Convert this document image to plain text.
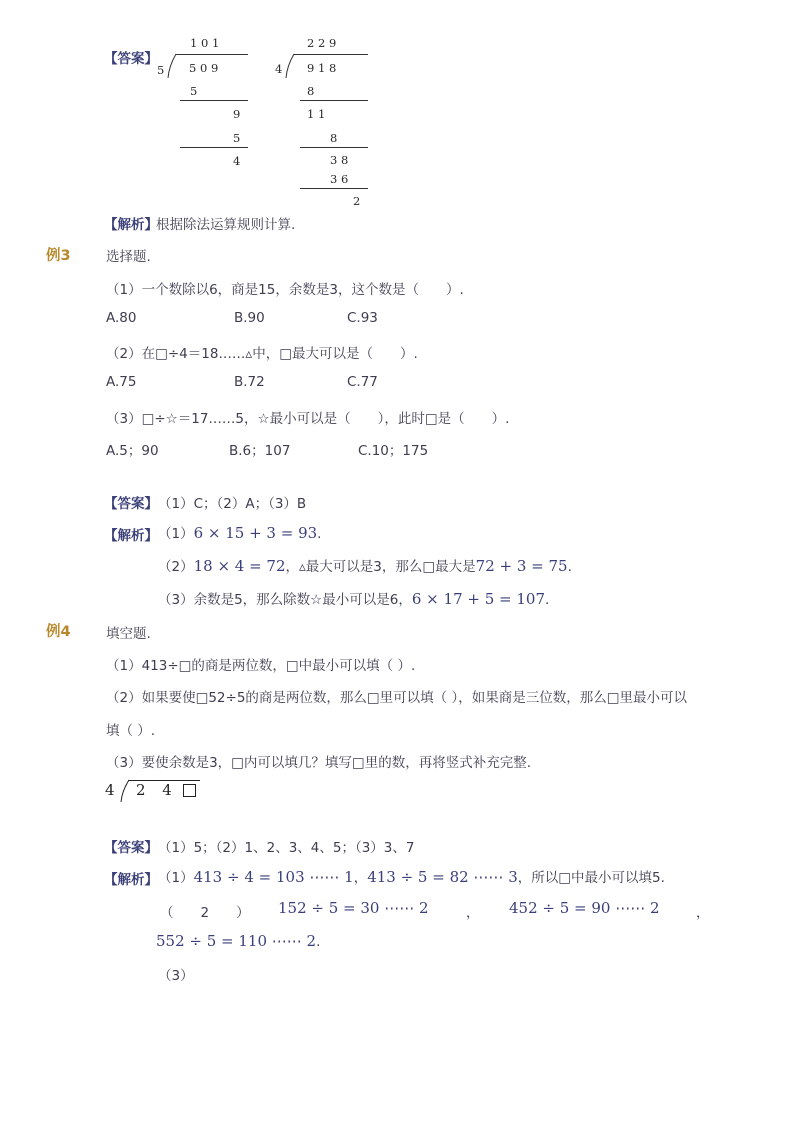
【答案】
1 0 1
5 5 0 9
5
9
5
4
2 2 9
4 9 1 8
8
1 1
8
3 8
3 6
2
【解析】
根据除法运算规则计算.
例3	选择题.
（1）一个数除以6，商是15，余数是3，这个数是（　　）.
A.80	B.90	C.93
（2）在□÷4＝18……▵中，□最大可以是（　　）.
A.75	B.72	C.77
（3）□÷☆＝17……5，☆最小可以是（　　），此时□是（　　）.
A.5；90	B.6；107	C.10；175
【答案】 （1）C；（2）A；（3）B
【解析】 （1）6 × 15 + 3 = 93.
（2）18 × 4 = 72，▵最大可以是3，那么□最大是72 + 3 = 75.
（3）余数是5，那么除数☆最小可以是6，6 × 17 + 5 = 107.
例4	填空题.
（1）413÷□的商是两位数，□中最小可以填（ ）.
（2）如果要使□52÷5的商是两位数，那么□里可以填（ ），如果商是三位数，那么□里最小可以
填（ ）.
（3）要使余数是3，□内可以填几？填写□里的数，再将竖式补充完整.
4 2 4
【答案】 （1）5；（2）1、2、3、4、5；（3）3、7
【解析】 （1）413 ÷ 4 = 103 ⋯⋯ 1，413 ÷ 5 = 82 ⋯⋯ 3，所以□中最小可以填5.
（　　2　　） 152 ÷ 5 = 30 ⋯⋯ 2	， 452 ÷ 5 = 90 ⋯⋯ 2	，
552 ÷ 5 = 110 ⋯⋯ 2.
（3）
